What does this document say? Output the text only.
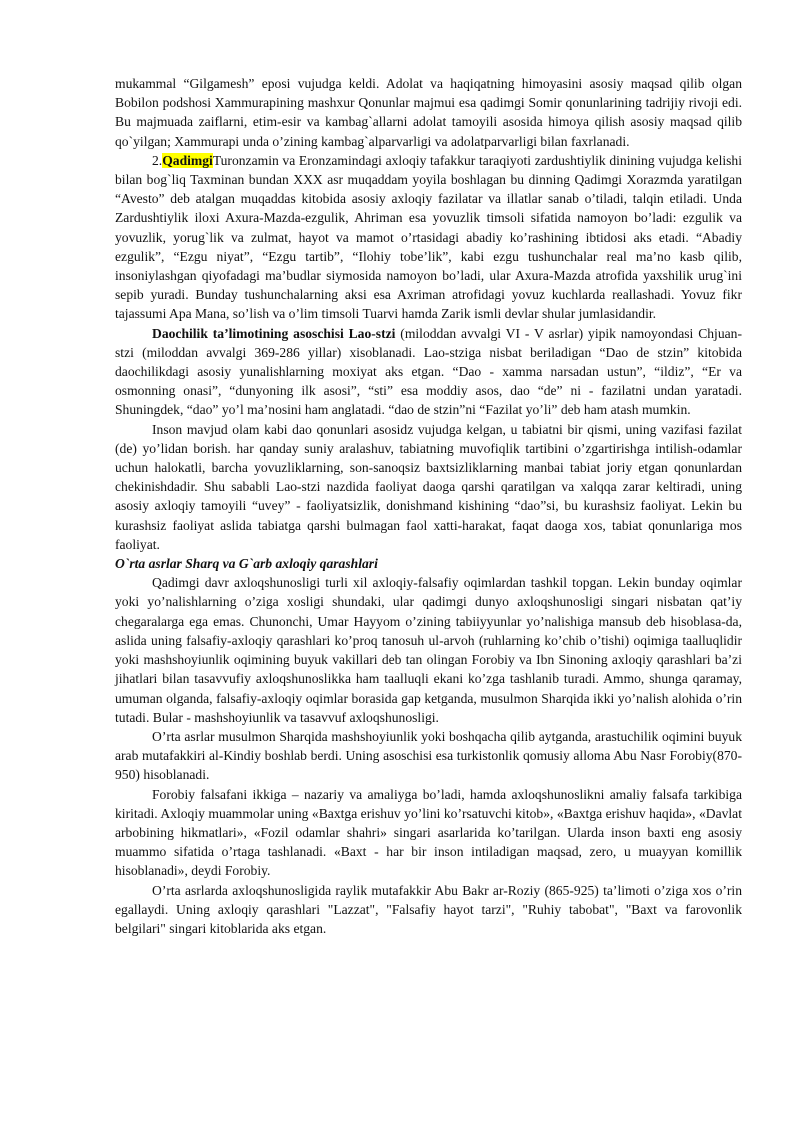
mukammal “Gilgamesh” eposi vujudga keldi. Adolat va haqiqatning himoyasini asosiy maqsad qilib olgan Bobilon podshosi Xammurapining mashxur Qonunlar majmui esa qadimgi Somir qonunlarining tadrijiy rivoji edi. Bu majmuada zaiflarni, etim-esir va kambag`allarni adolat tamoyili asosida himoya qilish asosiy maqsad qilib qo`yilgan; Xammurapi unda o’zining kambag`alparvarligi va adolatparvarligi bilan faxrlanadi.

2.QadimgiTuronzamin va Eronzamindagi axloqiy tafakkur taraqiyoti zardushtiylik dinining vujudga kelishi bilan bog`liq Taxminan bundan XXX asr muqaddam yoyila boshlagan bu dinning Qadimgi Xorazmda yaratilgan “Avesto” deb atalgan muqaddas kitobida asosiy axloqiy fazilatar va illatlar sanab o’tiladi, talqin etiladi. Unda Zardushtiylik iloxi Axura-Mazda-ezgulik, Ahriman esa yovuzlik timsoli sifatida namoyon bo’ladi: ezgulik va yovuzlik, yorug`lik va zulmat, hayot va mamot o’rtasidagi abadiy ko’rashining ibtidosi aks etadi. “Abadiy ezgulik”, “Ezgu niyat”, “Ezgu tartib”, “Ilohiy tobe’lik”, kabi ezgu tushunchalar real ma’no kasb qilib, insoniylashgan qiyofadagi ma’budlar siymosida namoyon bo’ladi, ular Axura-Mazda atrofida yaxshilik urug`ini sepib yuradi. Bunday tushunchalarning aksi esa Axriman atrofidagi yovuz kuchlarda reallashadi. Yovuz fikr tajassumi Apa Mana, so’lish va o’lim timsoli Tuarvi hamda Zarik ismli devlar shular jumlasidandir.

Daochilik ta’limotining asoschisi Lao-stzi (miloddan avvalgi VI - V asrlar) yipik namoyondasi Chjuan-stzi (miloddan avvalgi 369-286 yillar) xisoblanadi. Lao-stziga nisbat beriladigan “Dao de stzin” kitobida daochilikdagi asosiy yunalishlarning moxiyat aks etgan. “Dao - xamma narsadan ustun”, “ildiz”, “Er va osmonning onasi”, “dunyoning ilk asosi”, “sti” esa moddiy asos, dao “de” ni - fazilatni undan yaratadi. Shuningdek, “dao” yo’l ma’nosini ham anglatadi. “dao de stzin”ni “Fazilat yo’li” deb ham atash mumkin.

Inson mavjud olam kabi dao qonunlari asosidz vujudga kelgan, u tabiatni bir qismi, uning vazifasi fazilat (de) yo’lidan borish. har qanday suniy aralashuv, tabiatning muvofiqlik tartibini o’zgartirishga intilish-odamlar uchun halokatli, barcha yovuzliklarning, son-sanoqsiz baxtsizliklarning manbai tabiat joriy etgan qonunlardan chekinishdadir. Shu sababli Lao-stzi nazdida faoliyat daoga qarshi qaratilgan va xalqqa zarar keltiradi, uning asosiy axloqiy tamoyili “uvey” - faoliyatsizlik, donishmand kishining “dao”si, bu kurashsiz faoliyat. Lekin bu kurashsiz faoliyat aslida tabiatga qarshi bulmagan faol xatti-harakat, faqat daoga xos, tabiat qonunlariga mos faoliyat.

O`rta asrlar Sharq va G`arb axloqiy qarashlari

Qadimgi davr axloqshunosligi turli xil axloqiy-falsafiy oqimlardan tashkil topgan. Lekin bunday oqimlar yoki yo’nalishlarning o’ziga xosligi shundaki, ular qadimgi dunyo axloqshunosligi singari nisbatan qat’iy chegaralarga ega emas. Chunonchi, Umar Hayyom o’zining tabiiyyunlar yo’nalishiga mansub deb hisoblasa-da, aslida uning falsafiy-axloqiy qarashlari ko’proq tanosuh ul-arvoh (ruhlarning ko’chib o’tishi) oqimiga taalluqlidir yoki mashshoyiunlik oqimining buyuk vakillari deb tan olingan Forobiy va Ibn Sinoning axloqiy qarashlari ba’zi jihatlari bilan tasavvufiy axloqshunoslikka ham taalluqli ekani ko’zga tashlanib turadi. Ammo, shunga qaramay, umuman olganda, falsafiy-axloqiy oqimlar borasida gap ketganda, musulmon Sharqida ikki yo’nalish alohida o’rin tutadi. Bular - mashshoyiunlik va tasavvuf axloqshunosligi.

O’rta asrlar musulmon Sharqida mashshoyiunlik yoki boshqacha qilib aytganda, arastuchilik oqimini buyuk arab mutafakkiri al-Kindiy boshlab berdi. Uning asoschisi esa turkistonlik qomusiy alloma Abu Nasr Forobiy(870-950) hisoblanadi.

Forobiy falsafani ikkiga – nazariy va amaliyga bo’ladi, hamda axloqshunoslikni amaliy falsafa tarkibiga kiritadi. Axloqiy muammolar uning «Baxtga erishuv yo’lini ko’rsatuvchi kitob», «Baxtga erishuv haqida», «Davlat arbobining hikmatlari», «Fozil odamlar shahri» singari asarlarida ko’tarilgan. Ularda inson baxti eng asosiy muammo sifatida o’rtaga tashlanadi. «Baxt - har bir inson intiladigan maqsad, zero, u muayyan komillik hisoblanadi», deydi Forobiy.

O’rta asrlarda axloqshunosligida raylik mutafakkir Abu Bakr ar-Roziy (865-925) ta’limoti o’ziga xos o’rin egallaydi. Uning axloqiy qarashlari "Lazzat", "Falsafiy hayot tarzi", "Ruhiy tabobat", "Baxt va farovonlik belgilari" singari kitoblarida aks etgan.
